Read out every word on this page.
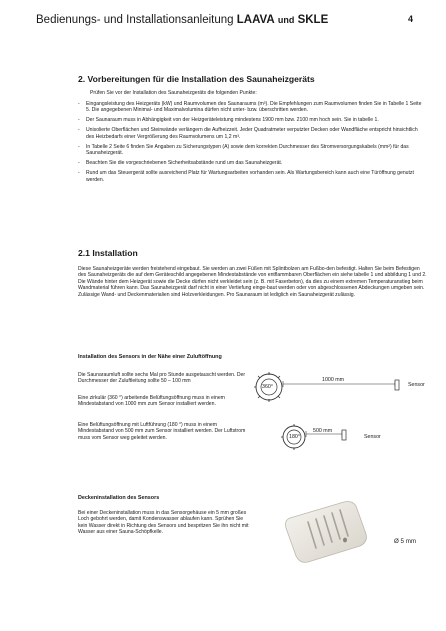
Bedienungs- und Installationsanleitung LAAVA und SKLE	4
2. Vorbereitungen für die Installation des Saunaheizgeräts
Prüfen Sie vor der Installation des Saunaheizgeräts die folgenden Punkte:
- Eingangsleistung des Heizgeräts (kW) und Raumvolumen des Saunaraums (m³). Die Empfehlungen zum Raumvolumen finden Sie in Tabelle 1 Seite 5. Die angegebenen Minimal- und Maximalvolumina dürfen nicht unter- bzw. überschritten werden.
- Der Saunaraum muss in Abhängigkeit von der Heizgeräteleistung mindestens 1900 mm bzw. 2100 mm hoch sein. Sie in tabelle 1.
- Unisolierte Oberflächen und Steinwände verlängern die Aufheizzeit. Jeder Quadratmeter verputzter Decken oder Wandfläche entspricht hinsichtlich des Heizbedarfs einer Vergrößerung des Raumvolumens um 1,2 m³.
- In Tabelle 2 Seite 6 finden Sie Angaben zu Sicherungstypen (A) sowie dem korrekten Durchmesser des Stromversorgungskabels (mm²) für das Saunaheizgerät.
- Beachten Sie die vorgeschriebenen Sicherheitsabstände rund um das Saunaheizgerät.
- Rund um das Steuergerät sollte ausreichend Platz für Wartungsarbeiten vorhanden sein. Als Wartungsbereich kann auch eine Türöffnung genutzt werden.
2.1 Installation
Diese Saunaheizgeräte werden freistehend eingebaut. Sie werden an zwei Füßen mit Splintbolzen am Fußbo-den befestigt. Halten Sie beim Befestigen des Saunaheizgeräts die auf dem Geräteschild angegebenen Mindestabstände von entflammbaren Oberflächen ein siehe tabelle 1 und abbildung 1 und 2. Die Wände hinter dem Heizgerät sowie die Decke dürfen nicht verkleidet sein (z. B. mit Faserbeton), da dies zu einem extremen Temperaturanstieg beim Wandmaterial führen kann. Das Saunaheizgerät darf nicht in einer Vertiefung einge-baut werden oder von abgeschlossenen Abdeckungen umgeben sein. Zulässige Wand- und Deckenmaterialien sind Holzverkleidungen. Pro Saunaraum ist lediglich ein Saunaheizgerät zulässig.
Installation des Sensors in der Nähe einer Zuluftöffnung
Die Saunaraumluft sollte sechs Mal pro Stunde ausgetauscht werden. Der Durchmesser der Zuluftleitung sollte 50 – 100 mm
Eine zirkulär (360 °) arbeitende Belüftungsöffnung muss in einem Mindestabstand von 1000 mm zum Sensor installiert werden.
Eine Belüftungsöffnung mit Luftführung (180 °) muss in einem Mindestabstand von 500 mm zum Sensor installiert werden. Der Luftstrom muss vom Sensor weg geleitet werden.
360°
1000 mm
Sensor
180°
500 mm
Sensor
Deckeninstallation des Sensors
Bei einer Deckeninstallation muss in das Sensorgehäuse ein 5 mm großes Loch gebohrt werden, damit Kondenswasser ablaufen kann. Sprühen Sie kein Wasser direkt in Richtung des Sensors und bespritzen Sie ihn nicht mit Wasser aus einer Sauna-Schöpfkelle.
Ø 5 mm
